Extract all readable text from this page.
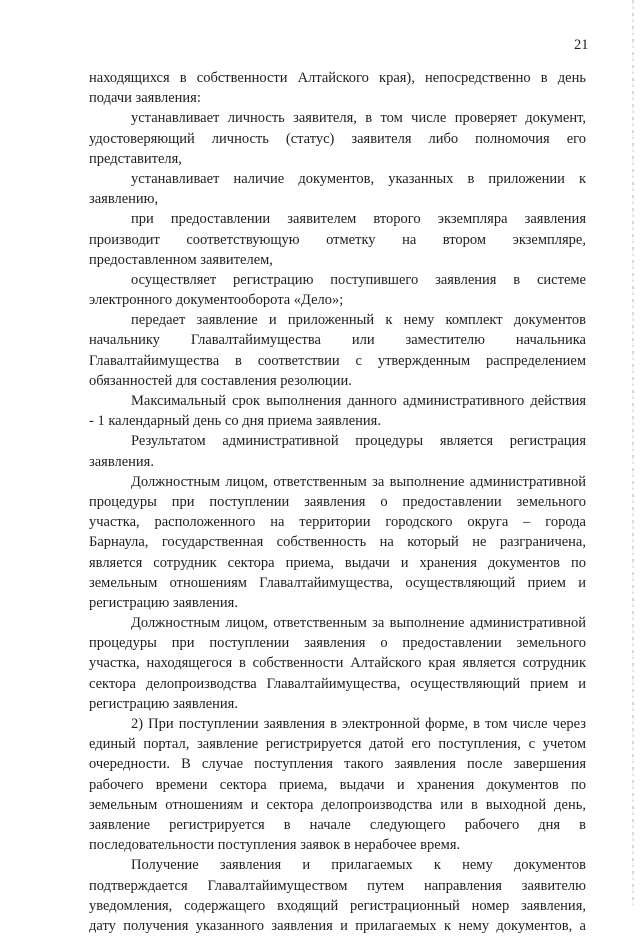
21
находящихся в собственности Алтайского края), непосредственно в день
подачи заявления:
устанавливает личность заявителя, в том числе проверяет документ,
удостоверяющий личность (статус) заявителя либо полномочия его
представителя,
устанавливает наличие документов, указанных в приложении к
заявлению,
при предоставлении заявителем второго экземпляра заявления
производит соответствующую отметку на втором экземпляре,
предоставленном заявителем,
осуществляет регистрацию поступившего заявления в системе
электронного документооборота «Дело»;
передает заявление и приложенный к нему комплект документов
начальнику Главалтайимущества или заместителю начальника
Главалтайимущества в соответствии с утвержденным распределением
обязанностей для составления резолюции.
Максимальный срок выполнения данного административного действия
- 1 календарный день со дня приема заявления.
Результатом административной процедуры является регистрация
заявления.
Должностным лицом, ответственным за выполнение административной
процедуры при поступлении заявления о предоставлении земельного
участка, расположенного на территории городского округа – города
Барнаула, государственная собственность на который не разграничена,
является сотрудник сектора приема, выдачи и хранения документов по
земельным отношениям Главалтайимущества, осуществляющий прием и
регистрацию заявления.
Должностным лицом, ответственным за выполнение административной
процедуры при поступлении заявления о предоставлении земельного
участка, находящегося в собственности Алтайского края является сотрудник
сектора делопроизводства Главалтайимущества, осуществляющий прием и
регистрацию заявления.
2) При поступлении заявления в электронной форме, в том числе через
единый портал, заявление регистрируется датой его поступления, с учетом
очередности. В случае поступления такого заявления после завершения
рабочего времени сектора приема, выдачи и хранения документов по
земельным отношениям и сектора делопроизводства или в выходной день,
заявление регистрируется в начале следующего рабочего дня в
последовательности поступления заявок в нерабочее время.
Получение заявления и прилагаемых к нему документов
подтверждается Главалтайимуществом путем направления заявителю
уведомления, содержащего входящий регистрационный номер заявления,
дату получения указанного заявления и прилагаемых к нему документов, а
